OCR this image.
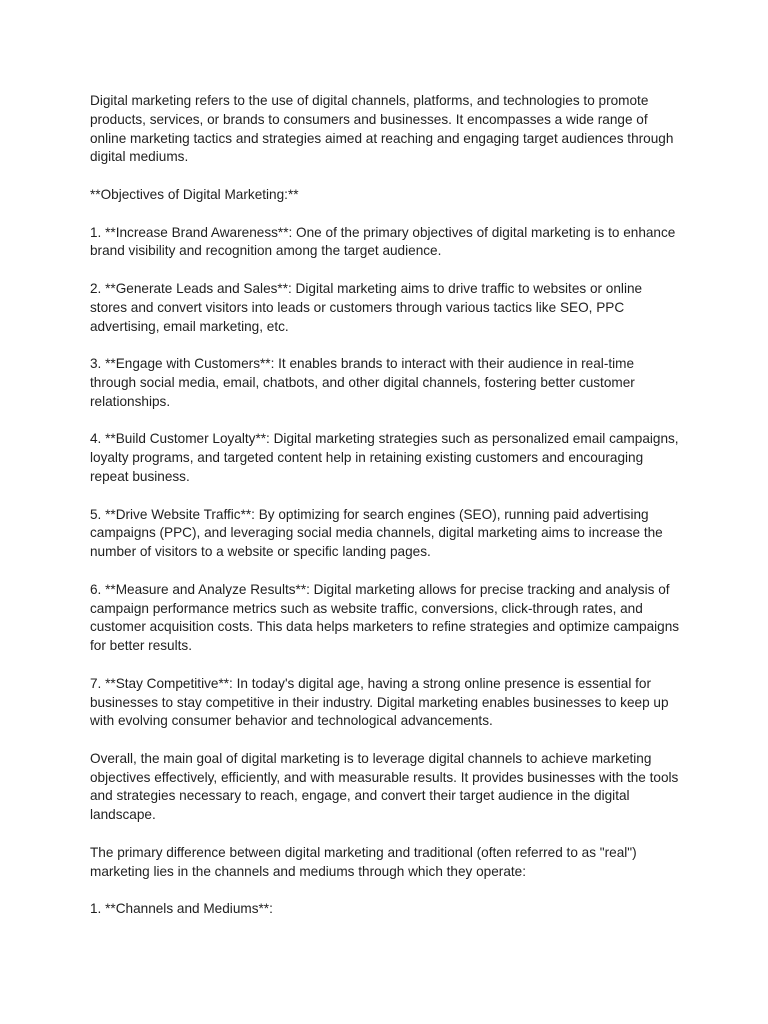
Digital marketing refers to the use of digital channels, platforms, and technologies to promote products, services, or brands to consumers and businesses. It encompasses a wide range of online marketing tactics and strategies aimed at reaching and engaging target audiences through digital mediums.

**Objectives of Digital Marketing:**

1. **Increase Brand Awareness**: One of the primary objectives of digital marketing is to enhance brand visibility and recognition among the target audience.

2. **Generate Leads and Sales**: Digital marketing aims to drive traffic to websites or online stores and convert visitors into leads or customers through various tactics like SEO, PPC advertising, email marketing, etc.

3. **Engage with Customers**: It enables brands to interact with their audience in real-time through social media, email, chatbots, and other digital channels, fostering better customer relationships.

4. **Build Customer Loyalty**: Digital marketing strategies such as personalized email campaigns, loyalty programs, and targeted content help in retaining existing customers and encouraging repeat business.

5. **Drive Website Traffic**: By optimizing for search engines (SEO), running paid advertising campaigns (PPC), and leveraging social media channels, digital marketing aims to increase the number of visitors to a website or specific landing pages.

6. **Measure and Analyze Results**: Digital marketing allows for precise tracking and analysis of campaign performance metrics such as website traffic, conversions, click-through rates, and customer acquisition costs. This data helps marketers to refine strategies and optimize campaigns for better results.

7. **Stay Competitive**: In today's digital age, having a strong online presence is essential for businesses to stay competitive in their industry. Digital marketing enables businesses to keep up with evolving consumer behavior and technological advancements.

Overall, the main goal of digital marketing is to leverage digital channels to achieve marketing objectives effectively, efficiently, and with measurable results. It provides businesses with the tools and strategies necessary to reach, engage, and convert their target audience in the digital landscape.

The primary difference between digital marketing and traditional (often referred to as "real") marketing lies in the channels and mediums through which they operate:

1. **Channels and Mediums**:
